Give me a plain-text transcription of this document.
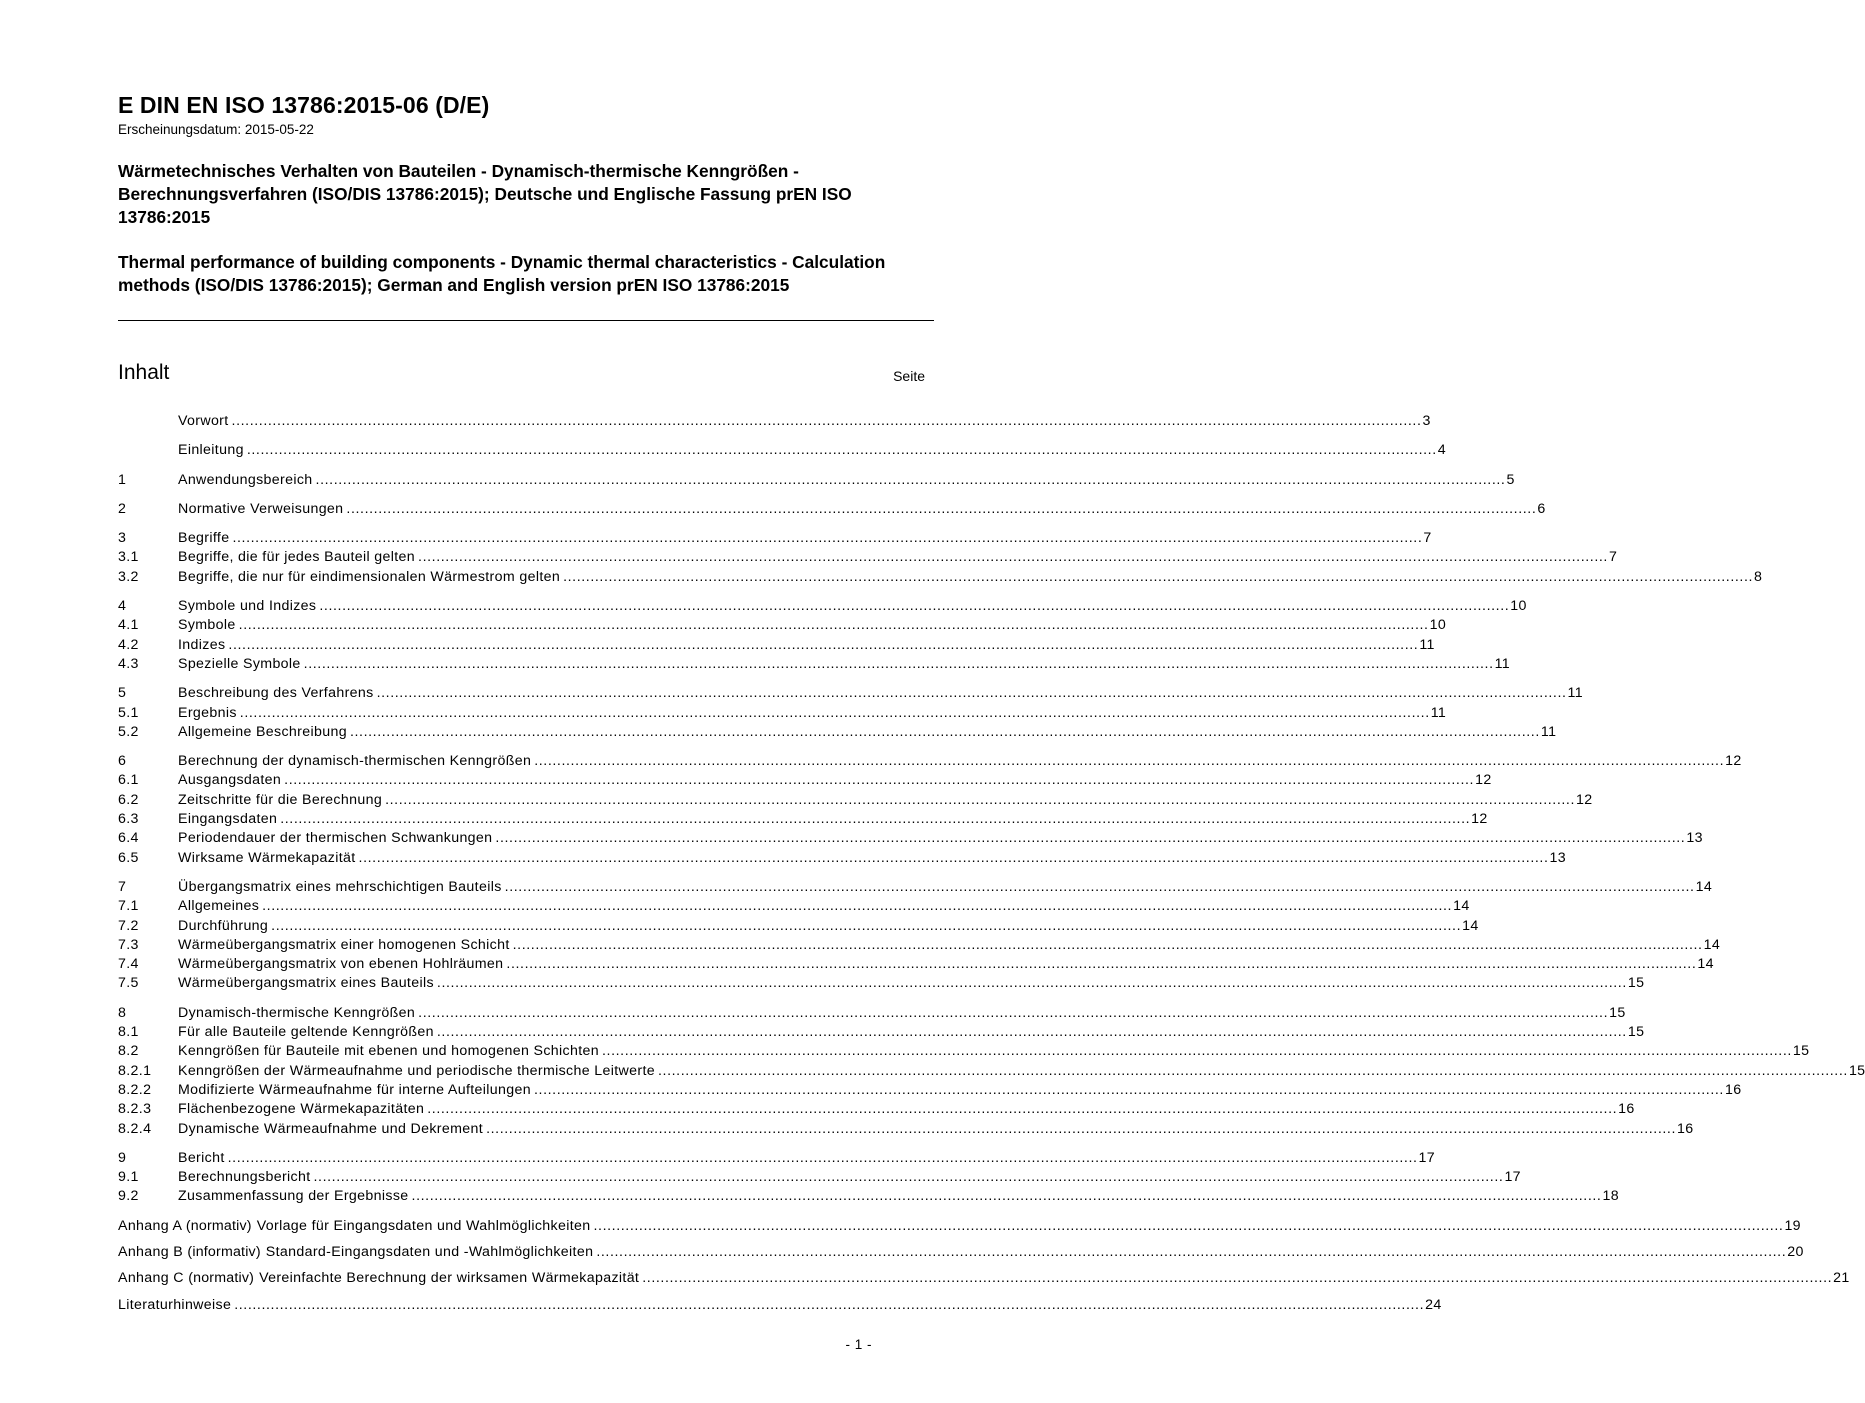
E DIN EN ISO 13786:2015-06 (D/E)
Erscheinungsdatum: 2015-05-22
Wärmetechnisches Verhalten von Bauteilen - Dynamisch-thermische Kenngrößen - Berechnungsverfahren (ISO/DIS 13786:2015); Deutsche und Englische Fassung prEN ISO 13786:2015
Thermal performance of building components - Dynamic thermal characteristics - Calculation methods (ISO/DIS 13786:2015); German and English version prEN ISO 13786:2015
Inhalt	Seite
Vorwort .....	3
Einleitung .....	4
1	Anwendungsbereich .....	5
2	Normative Verweisungen .....	6
3	Begriffe .....	7
3.1	Begriffe, die für jedes Bauteil gelten .....	7
3.2	Begriffe, die nur für eindimensionalen Wärmestrom gelten .....	8
4	Symbole und Indizes .....	10
4.1	Symbole .....	10
4.2	Indizes .....	11
4.3	Spezielle Symbole .....	11
5	Beschreibung des Verfahrens .....	11
5.1	Ergebnis .....	11
5.2	Allgemeine Beschreibung .....	11
6	Berechnung der dynamisch-thermischen Kenngrößen .....	12
6.1	Ausgangsdaten .....	12
6.2	Zeitschritte für die Berechnung .....	12
6.3	Eingangsdaten .....	12
6.4	Periodendauer der thermischen Schwankungen .....	13
6.5	Wirksame Wärmekapazität .....	13
7	Übergangsmatrix eines mehrschichtigen Bauteils .....	14
7.1	Allgemeines .....	14
7.2	Durchführung .....	14
7.3	Wärmeübergangsmatrix einer homogenen Schicht .....	14
7.4	Wärmeübergangsmatrix von ebenen Hohlräumen .....	14
7.5	Wärmeübergangsmatrix eines Bauteils .....	15
8	Dynamisch-thermische Kenngrößen .....	15
8.1	Für alle Bauteile geltende Kenngrößen .....	15
8.2	Kenngrößen für Bauteile mit ebenen und homogenen Schichten .....	15
8.2.1	Kenngrößen der Wärmeaufnahme und periodische thermische Leitwerte .....	15
8.2.2	Modifizierte Wärmeaufnahme für interne Aufteilungen .....	16
8.2.3	Flächenbezogene Wärmekapazitäten .....	16
8.2.4	Dynamische Wärmeaufnahme und Dekrement .....	16
9	Bericht .....	17
9.1	Berechnungsbericht .....	17
9.2	Zusammenfassung der Ergebnisse .....	18
Anhang A (normativ) Vorlage für Eingangsdaten und Wahlmöglichkeiten .....	19
Anhang B (informativ) Standard-Eingangsdaten und -Wahlmöglichkeiten .....	20
Anhang C (normativ) Vereinfachte Berechnung der wirksamen Wärmekapazität .....	21
Literaturhinweise .....	24
- 1 -
